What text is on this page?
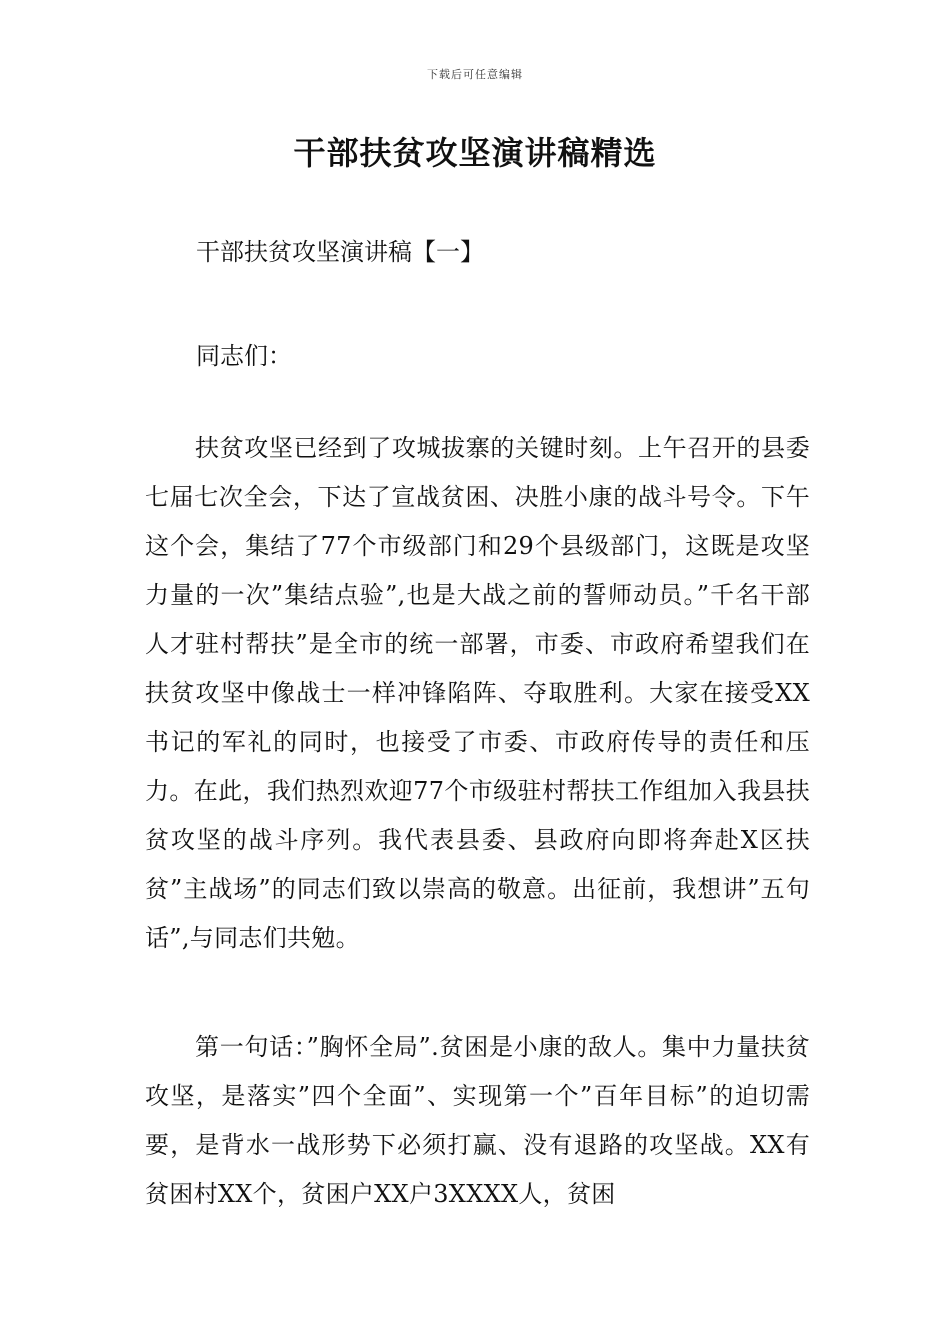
下载后可任意编辑
干部扶贫攻坚演讲稿精选

干部扶贫攻坚演讲稿【一】

同志们：

扶贫攻坚已经到了攻城拔寨的关键时刻。上午召开的县委七届七次全会，下达了宣战贫困、决胜小康的战斗号令。下午这个会，集结了77个市级部门和29个县级部门，这既是攻坚力量的一次”集结点验”,也是大战之前的誓师动员。”千名干部人才驻村帮扶”是全市的统一部署，市委、市政府希望我们在扶贫攻坚中像战士一样冲锋陷阵、夺取胜利。大家在接受XX书记的军礼的同时，也接受了市委、市政府传导的责任和压力。在此，我们热烈欢迎77个市级驻村帮扶工作组加入我县扶贫攻坚的战斗序列。我代表县委、县政府向即将奔赴X区扶贫”主战场”的同志们致以崇高的敬意。出征前，我想讲”五句话”,与同志们共勉。

第一句话：”胸怀全局”.贫困是小康的敌人。集中力量扶贫攻坚，是落实”四个全面”、实现第一个”百年目标”的迫切需要，是背水一战形势下必须打赢、没有退路的攻坚战。XX有贫困村XX个，贫困户XX户3XXXX人，贫困
